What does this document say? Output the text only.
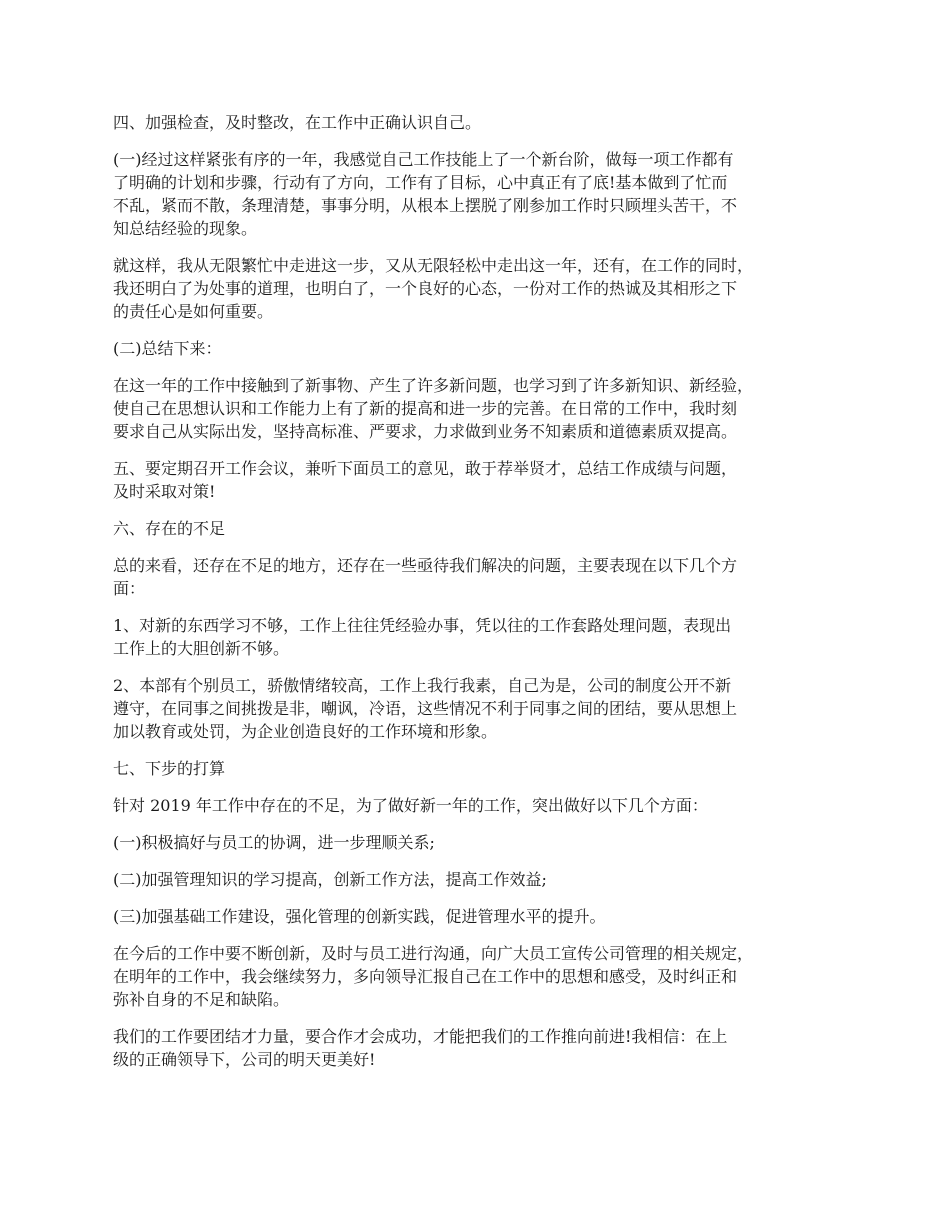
四、加强检查，及时整改，在工作中正确认识自己。
(一)经过这样紧张有序的一年，我感觉自己工作技能上了一个新台阶，做每一项工作都有
了明确的计划和步骤，行动有了方向，工作有了目标，心中真正有了底!基本做到了忙而
不乱，紧而不散，条理清楚，事事分明，从根本上摆脱了刚参加工作时只顾埋头苦干，不
知总结经验的现象。
就这样，我从无限繁忙中走进这一步，又从无限轻松中走出这一年，还有，在工作的同时，
我还明白了为处事的道理，也明白了，一个良好的心态，一份对工作的热诚及其相形之下
的责任心是如何重要。
(二)总结下来：
在这一年的工作中接触到了新事物、产生了许多新问题，也学习到了许多新知识、新经验，
使自己在思想认识和工作能力上有了新的提高和进一步的完善。在日常的工作中，我时刻
要求自己从实际出发，坚持高标准、严要求，力求做到业务不知素质和道德素质双提高。
五、要定期召开工作会议，兼听下面员工的意见，敢于荐举贤才，总结工作成绩与问题，
及时采取对策!
六、存在的不足
总的来看，还存在不足的地方，还存在一些亟待我们解决的问题，主要表现在以下几个方
面：
1、对新的东西学习不够，工作上往往凭经验办事，凭以往的工作套路处理问题，表现出
工作上的大胆创新不够。
2、本部有个别员工，骄傲情绪较高，工作上我行我素，自己为是，公司的制度公开不新
遵守，在同事之间挑拨是非，嘲讽，冷语，这些情况不利于同事之间的团结，要从思想上
加以教育或处罚，为企业创造良好的工作环境和形象。
七、下步的打算
针对 2019 年工作中存在的不足，为了做好新一年的工作，突出做好以下几个方面：
(一)积极搞好与员工的协调，进一步理顺关系;
(二)加强管理知识的学习提高，创新工作方法，提高工作效益;
(三)加强基础工作建设，强化管理的创新实践，促进管理水平的提升。
在今后的工作中要不断创新，及时与员工进行沟通，向广大员工宣传公司管理的相关规定，
在明年的工作中，我会继续努力，多向领导汇报自己在工作中的思想和感受，及时纠正和
弥补自身的不足和缺陷。
我们的工作要团结才力量，要合作才会成功，才能把我们的工作推向前进!我相信：在上
级的正确领导下，公司的明天更美好!
